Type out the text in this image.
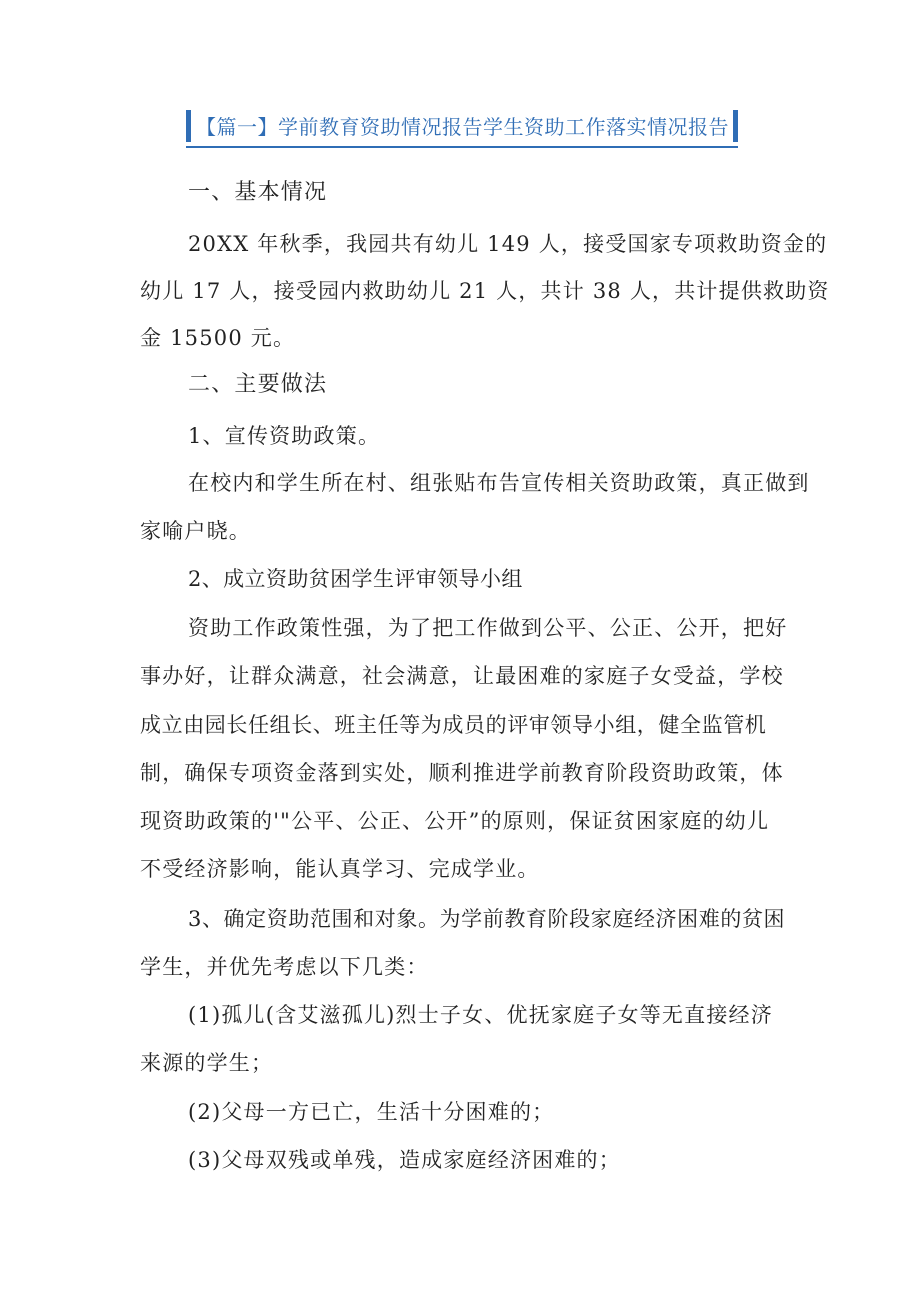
【篇一】学前教育资助情况报告学生资助工作落实情况报告
一、基本情况
20XX 年秋季，我园共有幼儿 149 人，接受国家专项救助资金的
幼儿 17 人，接受园内救助幼儿 21 人，共计 38 人，共计提供救助资
金 15500 元。
二、主要做法
1、宣传资助政策。
在校内和学生所在村、组张贴布告宣传相关资助政策，真正做到
家喻户晓。
2、成立资助贫困学生评审领导小组
资助工作政策性强，为了把工作做到公平、公正、公开，把好
事办好，让群众满意，社会满意，让最困难的家庭子女受益，学校
成立由园长任组长、班主任等为成员的评审领导小组，健全监管机
制，确保专项资金落到实处，顺利推进学前教育阶段资助政策，体
现资助政策的'"公平、公正、公开”的原则，保证贫困家庭的幼儿
不受经济影响，能认真学习、完成学业。
3、确定资助范围和对象。为学前教育阶段家庭经济困难的贫困
学生，并优先考虑以下几类：
(1)孤儿(含艾滋孤儿)烈士子女、优抚家庭子女等无直接经济
来源的学生；
(2)父母一方已亡，生活十分困难的；
(3)父母双残或单残，造成家庭经济困难的；
